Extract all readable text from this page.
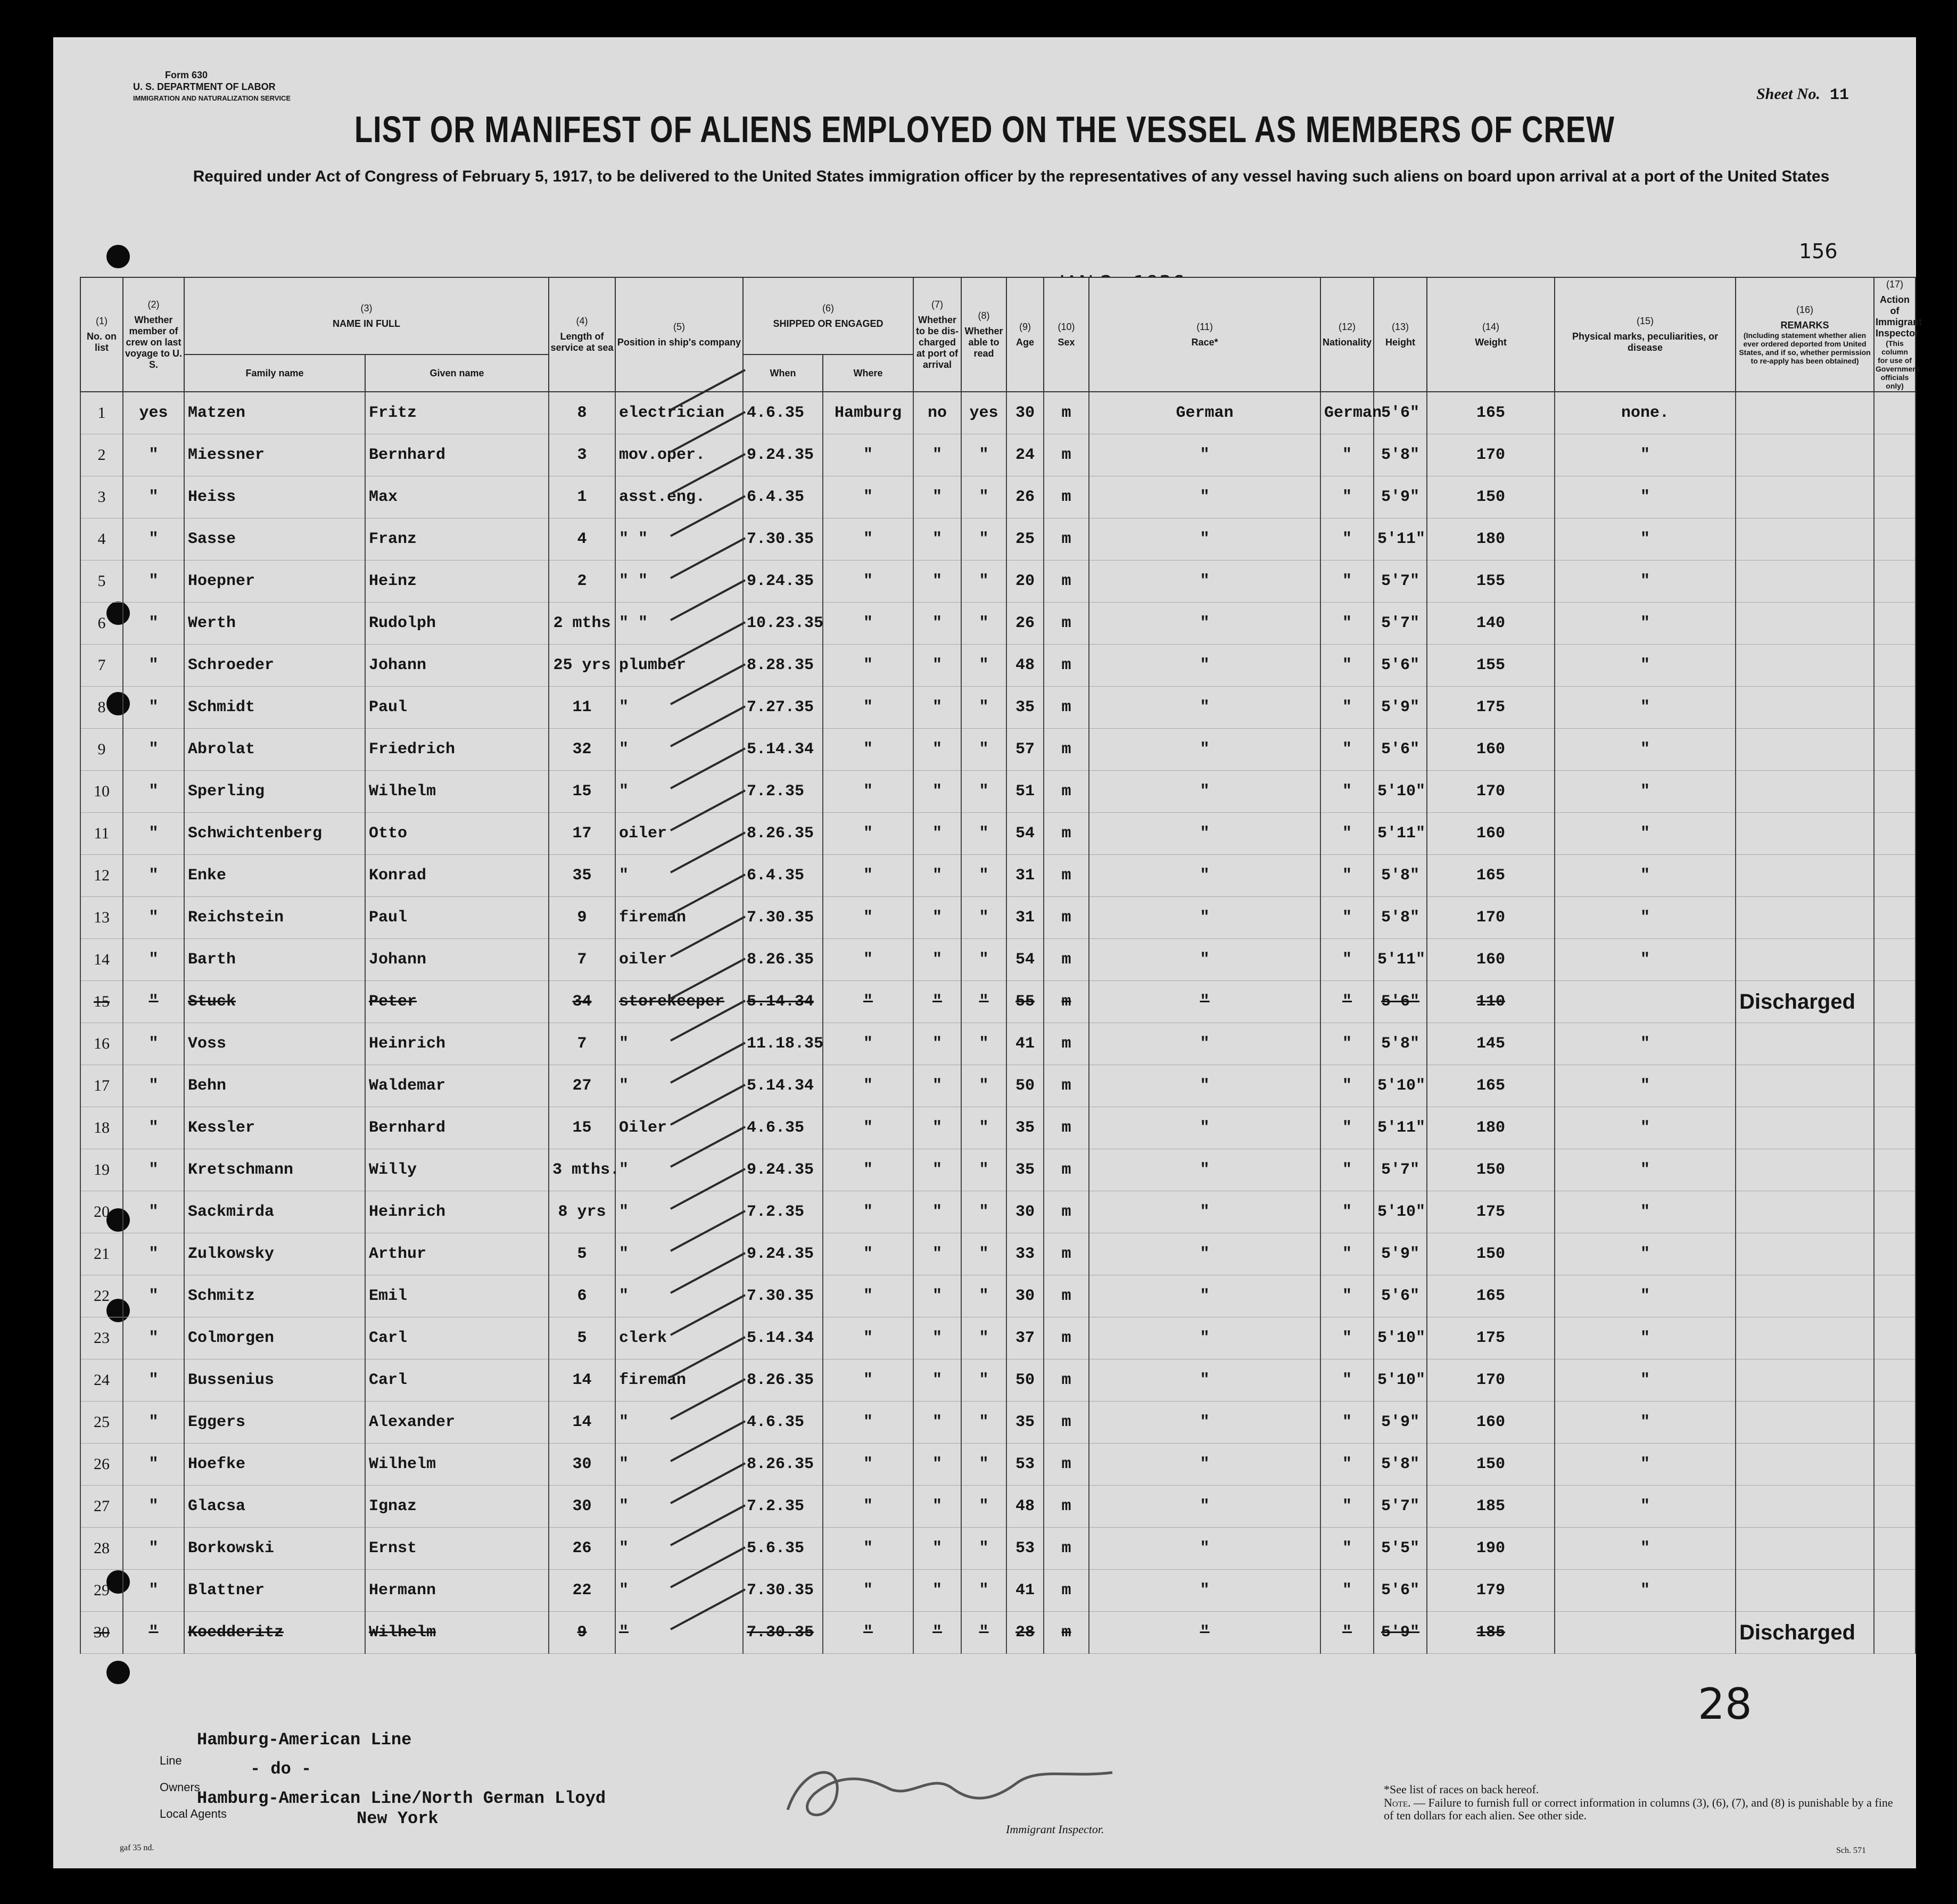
Form 630
U. S. DEPARTMENT OF LABOR
IMMIGRATION AND NATURALIZATION SERVICE	Sheet No. 11
LIST OR MANIFEST OF ALIENS EMPLOYED ON THE VESSEL AS MEMBERS OF CREW
Required under Act of Congress of February 5, 1917, to be delivered to the United States immigration officer by the representatives of any vessel having such aliens on board upon arrival at a port of the United States
156
(1)
No. on list	(2)
Whether member of crew on last voyage to U. S.	(3)
NAME IN FULL		(4)
Length of service at sea	(5)
Position in ship's company	(6)
SHIPPED OR ENGAGED		(7)
Whether to be dis-charged at port of arrival	(8)
Whether able to read	(9)
Age	(10)
Sex	(11)
Race*	(12)
Nationality	(13)
Height	(14)
Weight	(15)
Physical marks, peculiarities, or disease	(16)
REMARKS
(Including statement whether alien ever ordered deported from United States, and if so, whether permission to re-apply has been obtained)	(17)
Action of Immigrant Inspector
(This column for use of Government officials only)

		Family name	Given name			When	Where											
1	yes	Matzen	Fritz	8	electrician	4.6.35	Hamburg	no	yes	30	m	German	German	5'6"	165	none.		
2	"	Miessner	Bernhard	3	mov.oper.	9.24.35	"	"	"	24	m	"	"	5'8"	170	"		
3	"	Heiss	Max	1	asst.eng.	6.4.35	"	"	"	26	m	"	"	5'9"	150	"		
4	"	Sasse	Franz	4	" "	7.30.35	"	"	"	25	m	"	"	5'11"	180	"		
5	"	Hoepner	Heinz	2	" "	9.24.35	"	"	"	20	m	"	"	5'7"	155	"		
6	"	Werth	Rudolph	2 mths	" "	10.23.35	"	"	"	26	m	"	"	5'7"	140	"		
7	"	Schroeder	Johann	25 yrs	plumber	8.28.35	"	"	"	48	m	"	"	5'6"	155	"		
8	"	Schmidt	Paul	11	"	7.27.35	"	"	"	35	m	"	"	5'9"	175	"		
9	"	Abrolat	Friedrich	32	"	5.14.34	"	"	"	57	m	"	"	5'6"	160	"		
10	"	Sperling	Wilhelm	15	"	7.2.35	"	"	"	51	m	"	"	5'10"	170	"		
11	"	Schwichtenberg	Otto	17	oiler	8.26.35	"	"	"	54	m	"	"	5'11"	160	"		
12	"	Enke	Konrad	35	"	6.4.35	"	"	"	31	m	"	"	5'8"	165	"		
13	"	Reichstein	Paul	9	fireman	7.30.35	"	"	"	31	m	"	"	5'8"	170	"		
14	"	Barth	Johann	7	oiler	8.26.35	"	"	"	54	m	"	"	5'11"	160	"		
15	"	Stuck	Peter	34	storekeeper	5.14.34	"	"	"	55	m	"	"	5'6"	110		Discharged	
16	"	Voss	Heinrich	7	"	11.18.35	"	"	"	41	m	"	"	5'8"	145	"		
17	"	Behn	Waldemar	27	"	5.14.34	"	"	"	50	m	"	"	5'10"	165	"		
18	"	Kessler	Bernhard	15	Oiler	4.6.35	"	"	"	35	m	"	"	5'11"	180	"		
19	"	Kretschmann	Willy	3 mths.	"	9.24.35	"	"	"	35	m	"	"	5'7"	150	"		
20	"	Sackmirda	Heinrich	8 yrs	"	7.2.35	"	"	"	30	m	"	"	5'10"	175	"		
21	"	Zulkowsky	Arthur	5	"	9.24.35	"	"	"	33	m	"	"	5'9"	150	"		
22	"	Schmitz	Emil	6	"	7.30.35	"	"	"	30	m	"	"	5'6"	165	"		
23	"	Colmorgen	Carl	5	clerk	5.14.34	"	"	"	37	m	"	"	5'10"	175	"		
24	"	Bussenius	Carl	14	fireman	8.26.35	"	"	"	50	m	"	"	5'10"	170	"		
25	"	Eggers	Alexander	14	"	4.6.35	"	"	"	35	m	"	"	5'9"	160	"		
26	"	Hoefke	Wilhelm	30	"	8.26.35	"	"	"	53	m	"	"	5'8"	150	"		
27	"	Glacsa	Ignaz	30	"	7.2.35	"	"	"	48	m	"	"	5'7"	185	"		
28	"	Borkowski	Ernst	26	"	5.6.35	"	"	"	53	m	"	"	5'5"	190	"		
29	"	Blattner	Hermann	22	"	7.30.35	"	"	"	41	m	"	"	5'6"	179	"		
30	"	Koedderitz	Wilhelm	9	"	7.30.35	"	"	"	28	m	"	"	5'9"	185		Discharged	
28
Line
Hamburg-American Line
Owners
- do -
Local Agents
Hamburg-American Line/North German Lloyd
New York
Immigrant Inspector.
*See list of races on back hereof.
Note. — Failure to furnish full or correct information in columns (3), (6), (7), and (8) is punishable by a fine of ten dollars for each alien. See other side.
gaf 35 nd.	Sch. 571
